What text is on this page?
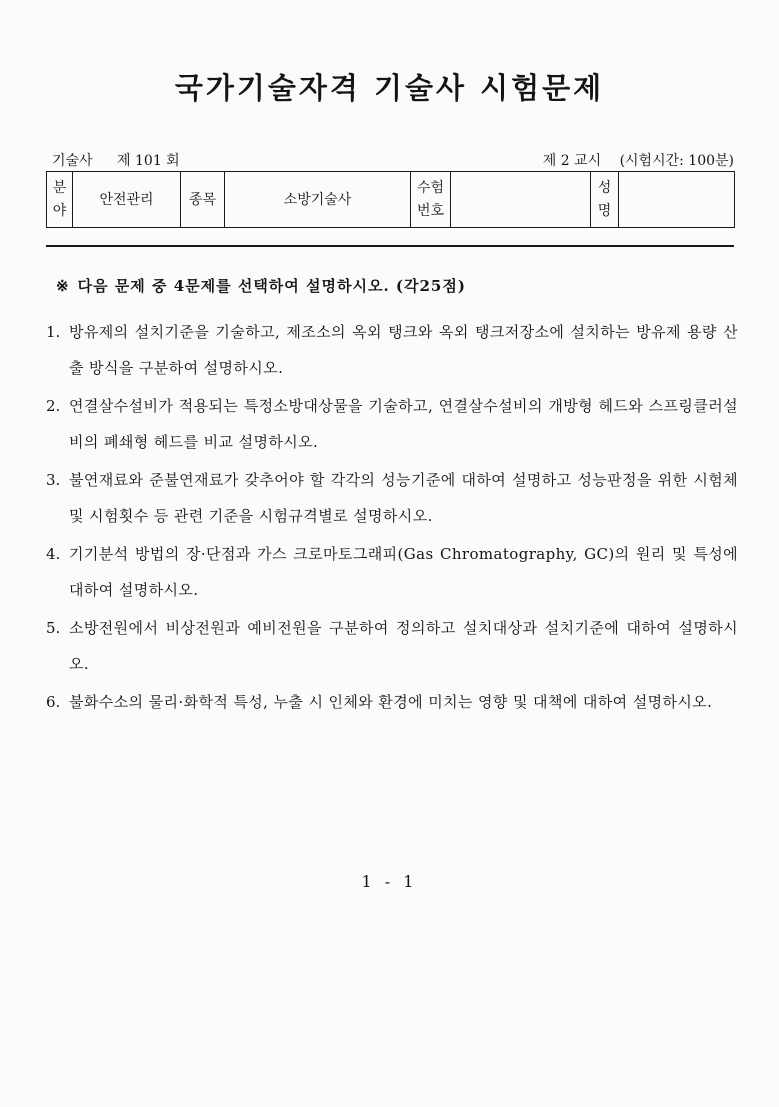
국가기술자격 기술사 시험문제
기술사 제 101 회	제 2 교시 (시험시간: 100분)
분야	안전관리	종목	소방기술사	수험번호		성명	
※ 다음 문제 중 4문제를 선택하여 설명하시오. (각25점)
1. 방유제의 설치기준을 기술하고, 제조소의 옥외 탱크와 옥외 탱크저장소에 설치하는 방유제 용량 산출 방식을 구분하여 설명하시오.
2. 연결살수설비가 적용되는 특정소방대상물을 기술하고, 연결살수설비의 개방형 헤드와 스프링클러설비의 폐쇄형 헤드를 비교 설명하시오.
3. 불연재료와 준불연재료가 갖추어야 할 각각의 성능기준에 대하여 설명하고 성능판정을 위한 시험체 및 시험횟수 등 관련 기준을 시험규격별로 설명하시오.
4. 기기분석 방법의 장·단점과 가스 크로마토그래피(Gas Chromatography, GC)의 원리 및 특성에 대하여 설명하시오.
5. 소방전원에서 비상전원과 예비전원을 구분하여 정의하고 설치대상과 설치기준에 대하여 설명하시오.
6. 불화수소의 물리·화학적 특성, 누출 시 인체와 환경에 미치는 영향 및 대책에 대하여 설명하시오.
1 - 1
